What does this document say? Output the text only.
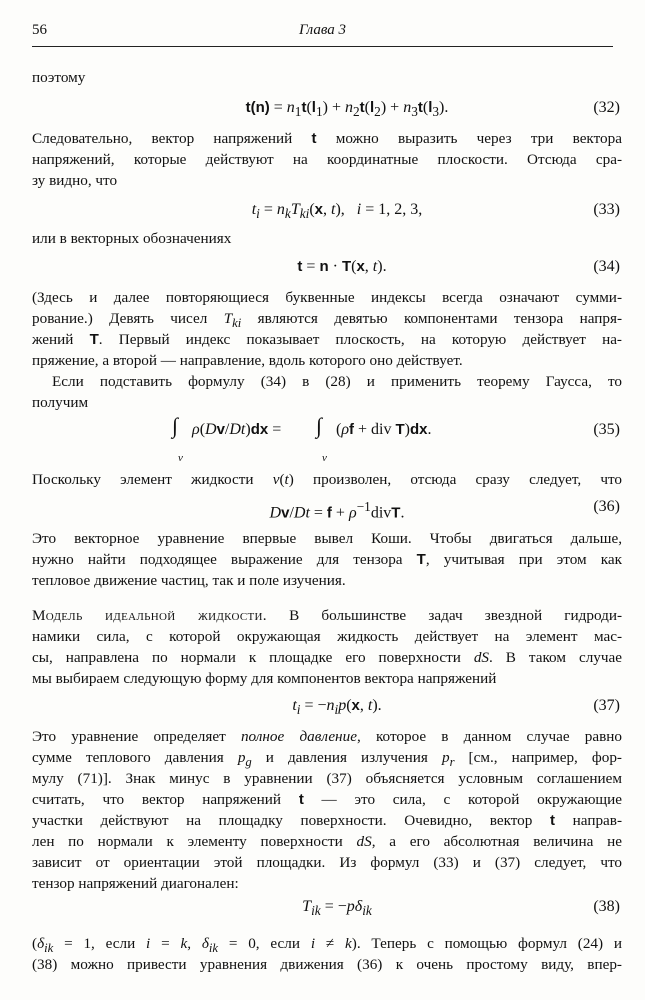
56	Глава 3
поэтому
$t(n) = n_1t(l_1) + n_2t(l_2) + n_3t(l_3)$.	(32)
Следовательно, вектор напряжений t можно выразить через три вектора
напряжений, которые действуют на координатные плоскости. Отсюда сра-
зу видно, что
$t_i = n_kT_{ki}(x$, t),   i = 1, 2, 3,	(33)
или в векторных обозначениях
t = n · T(x, t).	(34)
(Здесь и далее повторяющиеся буквенные индексы всегда означают сумми-
рование.) Девять чисел $T_{ki}$ являются девятью компонентами тензора напря-
жений T. Первый индекс показывает плоскость, на которую действует на-
пряжение, а второй — направление, вдоль которого оно действует.
Если подставить формулу (34) в (28) и применить теорему Гаусса, то
получим
∫
v
ρ(Dv/Dt)dx = ∫
v
(ρf + div T)dx.	(35)
Поскольку элемент жидкости v(t) произволен, отсюда сразу следует, что
$Dv/Dt = f + \rho^{-1}divT$.	(36)
Это векторное уравнение впервые вывел Коши. Чтобы двигаться дальше,
нужно найти подходящее выражение для тензора T, учитывая при этом как
тепловое движение частиц, так и поле изучения.
Модель идеальной жидкости. В большинстве задач звездной гидроди-
намики сила, с которой окружающая жидкость действует на элемент мас-
сы, направлена по нормали к площадке его поверхности dS. В таком случае
мы выбираем следующую форму для компонентов вектора напряжений
$t_i = -n_ip(x$, t).	(37)
Это уравнение определяет полное давление, которое в данном случае равно
сумме теплового давления $p_g$ и давления излучения $p_r$ [см., например, фор-
мулу (71)]. Знак минус в уравнении (37) объясняется условным соглашением
считать, что вектор напряжений t — это сила, с которой окружающие
участки действуют на площадку поверхности. Очевидно, вектор t направ-
лен по нормали к элементу поверхности dS, а его абсолютная величина не
зависит от ориентации этой площадки. Из формул (33) и (37) следует, что
тензор напряжений диагонален:
$T_{ik} = -p\delta_{ik}$	(38)
($\delta_{ik} = 1$, если i = k, $\delta_{ik} = 0$, если i ≠ k). Теперь с помощью формул (24) и
(38) можно привести уравнения движения (36) к очень простому виду, впер-
